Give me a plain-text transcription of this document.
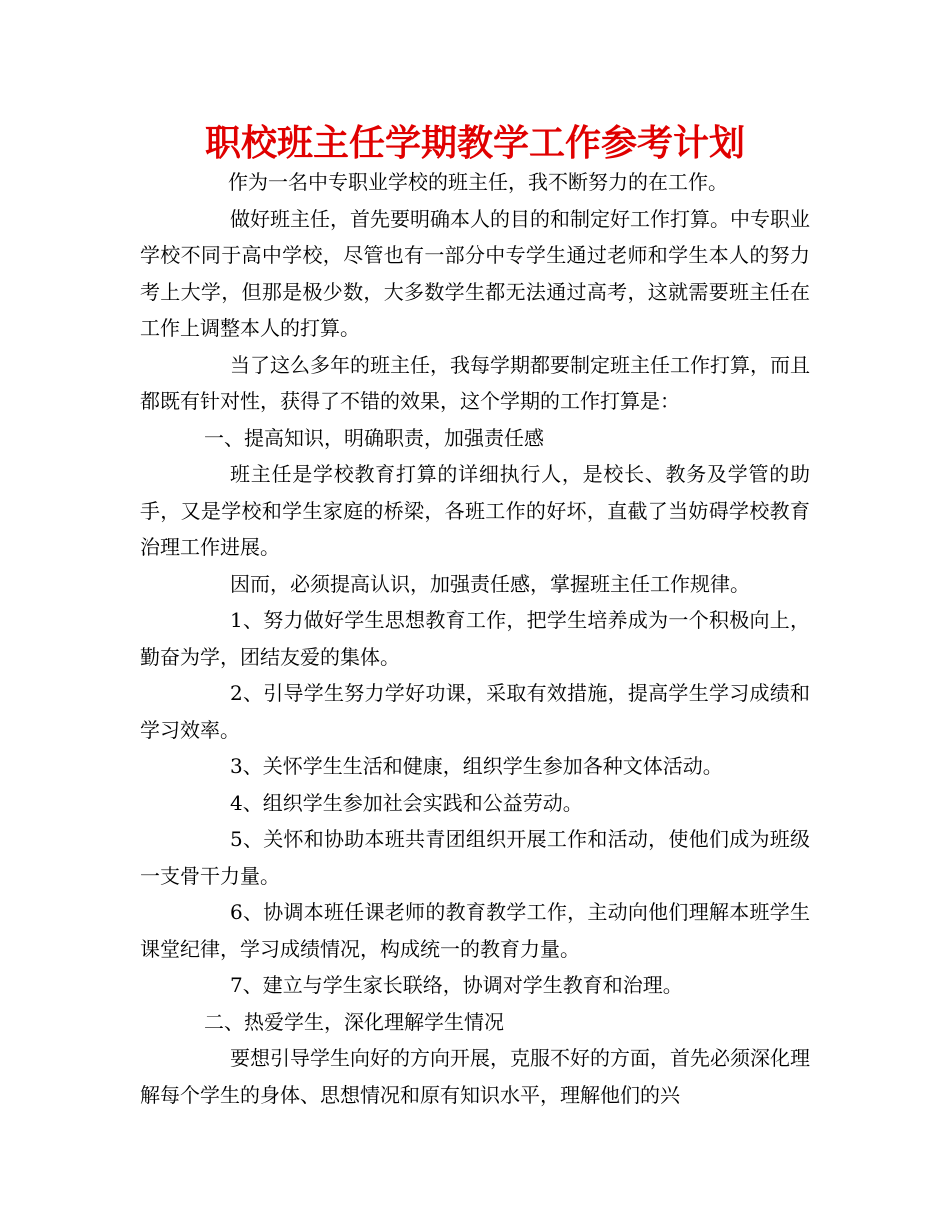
职校班主任学期教学工作参考计划

作为一名中专职业学校的班主任，我不断努力的在工作。

做好班主任，首先要明确本人的目的和制定好工作打算。中专职业学校不同于高中学校，尽管也有一部分中专学生通过老师和学生本人的努力考上大学，但那是极少数，大多数学生都无法通过高考，这就需要班主任在工作上调整本人的打算。

当了这么多年的班主任，我每学期都要制定班主任工作打算，而且都既有针对性，获得了不错的效果，这个学期的工作打算是：

一、提高知识，明确职责，加强责任感

班主任是学校教育打算的详细执行人，是校长、教务及学管的助手，又是学校和学生家庭的桥梁，各班工作的好坏，直截了当妨碍学校教育治理工作进展。

因而，必须提高认识，加强责任感，掌握班主任工作规律。

1、努力做好学生思想教育工作，把学生培养成为一个积极向上，勤奋为学，团结友爱的集体。

2、引导学生努力学好功课，采取有效措施，提高学生学习成绩和学习效率。

3、关怀学生生活和健康，组织学生参加各种文体活动。

4、组织学生参加社会实践和公益劳动。

5、关怀和协助本班共青团组织开展工作和活动，使他们成为班级一支骨干力量。

6、协调本班任课老师的教育教学工作，主动向他们理解本班学生课堂纪律，学习成绩情况，构成统一的教育力量。

7、建立与学生家长联络，协调对学生教育和治理。

二、热爱学生，深化理解学生情况

要想引导学生向好的方向开展，克服不好的方面，首先必须深化理解每个学生的身体、思想情况和原有知识水平，理解他们的兴
